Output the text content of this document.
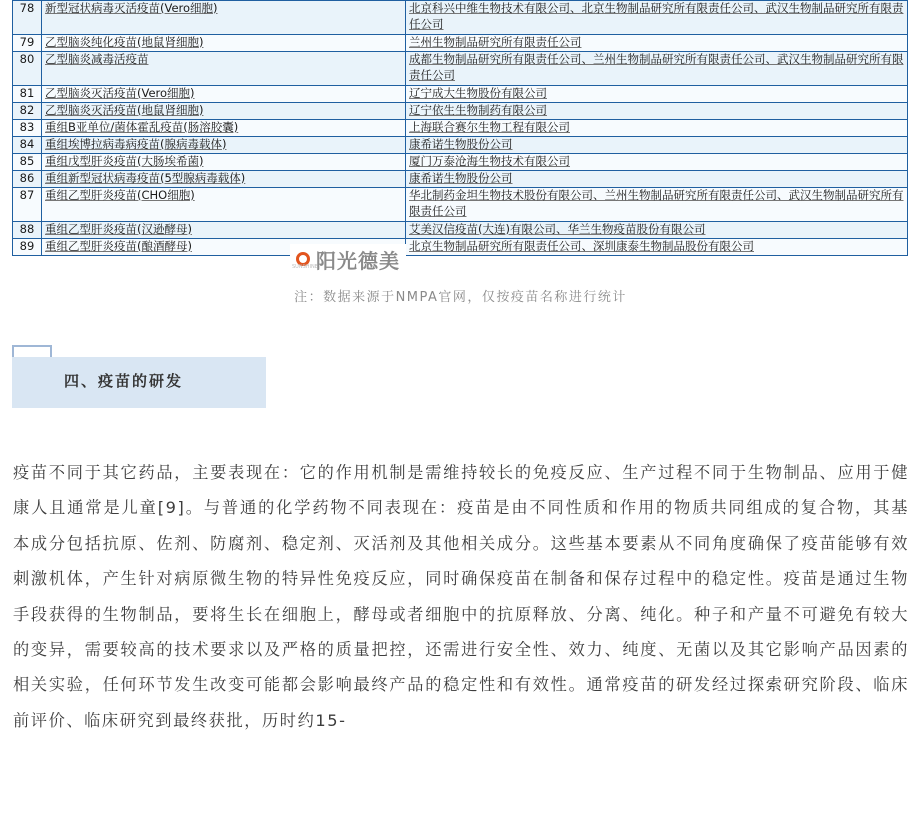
78	新型冠状病毒灭活疫苗(Vero细胞)	北京科兴中维生物技术有限公司、北京生物制品研究所有限责任公司、武汉生物制品研究所有限责任公司
79	乙型脑炎纯化疫苗(地鼠肾细胞)	兰州生物制品研究所有限责任公司
80	乙型脑炎减毒活疫苗	成都生物制品研究所有限责任公司、兰州生物制品研究所有限责任公司、武汉生物制品研究所有限责任公司
81	乙型脑炎灭活疫苗(Vero细胞)	辽宁成大生物股份有限公司
82	乙型脑炎灭活疫苗(地鼠肾细胞)	辽宁依生生物制药有限公司
83	重组B亚单位/菌体霍乱疫苗(肠溶胶囊)	上海联合赛尔生物工程有限公司
84	重组埃博拉病毒病疫苗(腺病毒载体)	康希诺生物股份公司
85	重组戊型肝炎疫苗(大肠埃希菌)	厦门万泰沧海生物技术有限公司
86	重组新型冠状病毒疫苗(5型腺病毒载体)	康希诺生物股份公司
87	重组乙型肝炎疫苗(CHO细胞)	华北制药金坦生物技术股份有限公司、兰州生物制品研究所有限责任公司、武汉生物制品研究所有限责任公司
88	重组乙型肝炎疫苗(汉逊酵母)	艾美汉信疫苗(大连)有限公司、华兰生物疫苗股份有限公司
89	重组乙型肝炎疫苗(酿酒酵母)	北京生物制品研究所有限责任公司、深圳康泰生物制品股份有限公司
SUNSHINE
阳光德美
注：数据来源于NMPA官网，仅按疫苗名称进行统计
四、疫苗的研发
疫苗不同于其它药品，主要表现在：它的作用机制是需维持较长的免疫反应、生产过程不同于生物制品、应用于健康人且通常是儿童[9]。与普通的化学药物不同表现在：疫苗是由不同性质和作用的物质共同组成的复合物，其基本成分包括抗原、佐剂、防腐剂、稳定剂、灭活剂及其他相关成分。这些基本要素从不同角度确保了疫苗能够有效刺激机体，产生针对病原微生物的特异性免疫反应，同时确保疫苗在制备和保存过程中的稳定性。疫苗是通过生物手段获得的生物制品，要将生长在细胞上，酵母或者细胞中的抗原释放、分离、纯化。种子和产量不可避免有较大的变异，需要较高的技术要求以及严格的质量把控，还需进行安全性、效力、纯度、无菌以及其它影响产品因素的相关实验，任何环节发生改变可能都会影响最终产品的稳定性和有效性。通常疫苗的研发经过探索研究阶段、临床前评价、临床研究到最终获批，历时约15-
